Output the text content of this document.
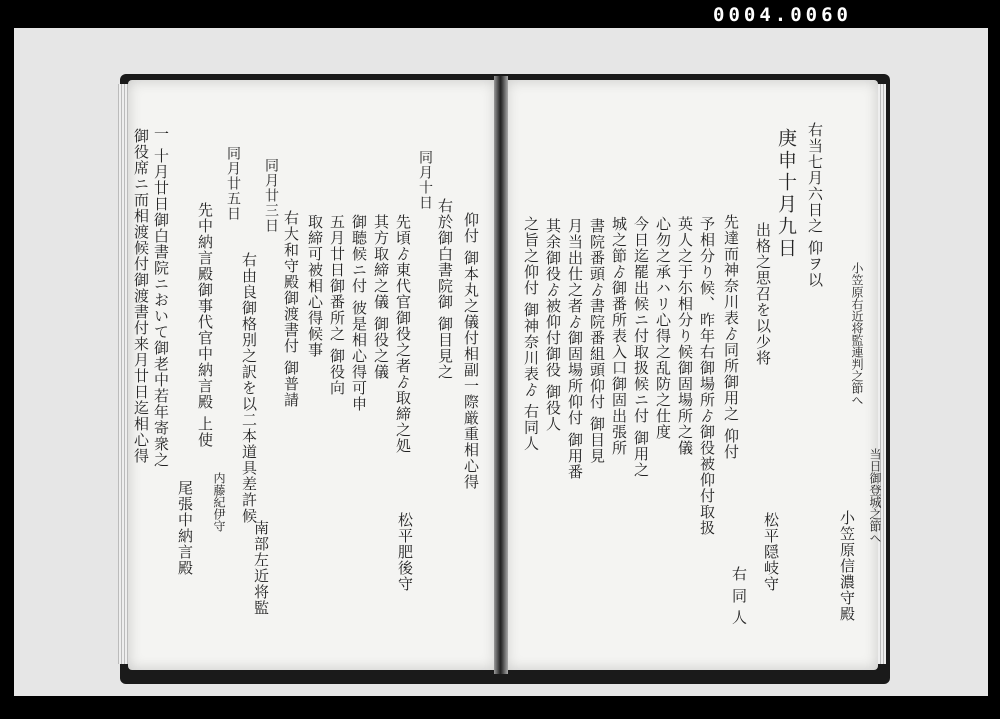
0004.0060
小笠原右近将監連判之節へ
右当七月六日之 仰ヲ以
庚申十月九日
出格之思召を以少将
先達而神奈川表ゟ同所御用之 仰付
予相分り候、昨年右御場所ゟ御役被仰付取扱
英人之于尓相分り候御固場所之儀
心勿之承ハリ心得之乱防之仕度
今日迄罷出候ニ付取扱候ニ付 御用之
城之節ゟ御番所表入口御固出張所
書院番頭ゟ書院番組頭仰付 御目見
月当出仕之者ゟ御固場所仰付 御用番
其余御役ゟ被仰付御役 御役人
之旨之仰付 御神奈川表ゟ 右同人
松平隠岐守
右 同 人	小笠原信濃守殿
当日御登城之節ヘ
同月十日
右於御白書院御 御目見之 仰付 御本丸之儀付相副一際厳重相心得
先頃ゟ東代官御役之者ゟ取締之処
其方取締之儀 御役之儀
御聴候ニ付 彼是相心得可申
右大和守殿御渡書付 御普請 五月廿日御番所之 御役向
取締可被相心得候事
松平肥後守
同月廿三日
右由良御格別之訳を以二本道具差許候
南部左近将監
同月廿五日
先中納言殿御事代官中納言殿 上使
内藤紀伊守
尾張中納言殿
一 十月廿日御白書院ニおいて御老中若年寄衆之
御役席ニ而相渡候付御渡書付来月廿日迄相心得
